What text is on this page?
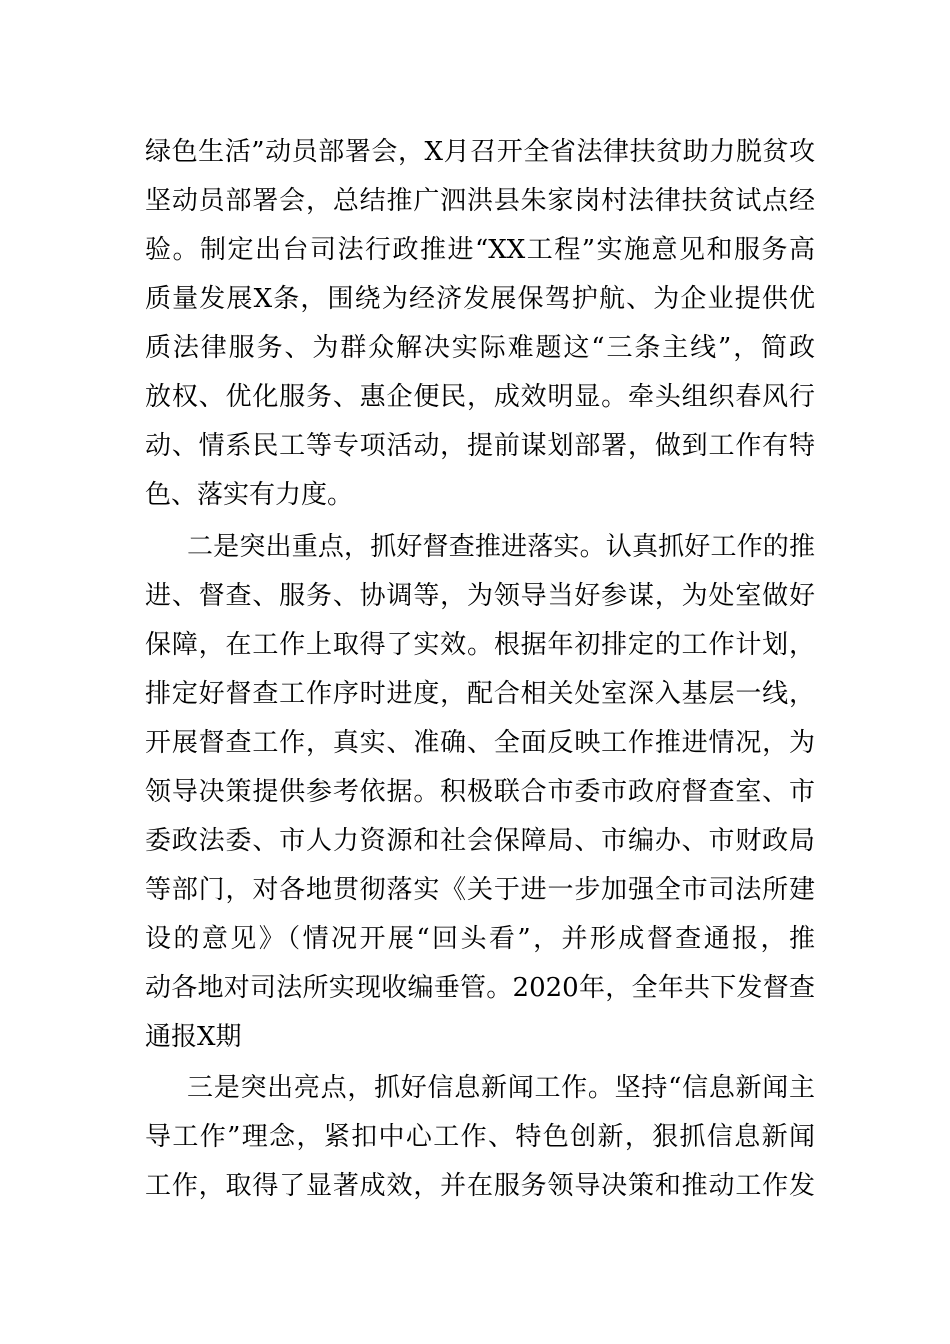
绿色生活”动员部署会，X月召开全省法律扶贫助力脱贫攻
坚动员部署会，总结推广泗洪县朱家岗村法律扶贫试点经
验。制定出台司法行政推进“XX工程”实施意见和服务高
质量发展X条，围绕为经济发展保驾护航、为企业提供优
质法律服务、为群众解决实际难题这“三条主线”，简政
放权、优化服务、惠企便民，成效明显。牵头组织春风行
动、情系民工等专项活动，提前谋划部署，做到工作有特
色、落实有力度。
二是突出重点，抓好督查推进落实。认真抓好工作的推
进、督查、服务、协调等，为领导当好参谋，为处室做好
保障，在工作上取得了实效。根据年初排定的工作计划，
排定好督查工作序时进度，配合相关处室深入基层一线，
开展督查工作，真实、准确、全面反映工作推进情况，为
领导决策提供参考依据。积极联合市委市政府督查室、市
委政法委、市人力资源和社会保障局、市编办、市财政局
等部门，对各地贯彻落实《关于进一步加强全市司法所建
设的意见》（情况开展“回头看”，并形成督查通报，推
动各地对司法所实现收编垂管。2020年，全年共下发督查
通报X期
三是突出亮点，抓好信息新闻工作。坚持“信息新闻主
导工作”理念，紧扣中心工作、特色创新，狠抓信息新闻
工作，取得了显著成效，并在服务领导决策和推动工作发
